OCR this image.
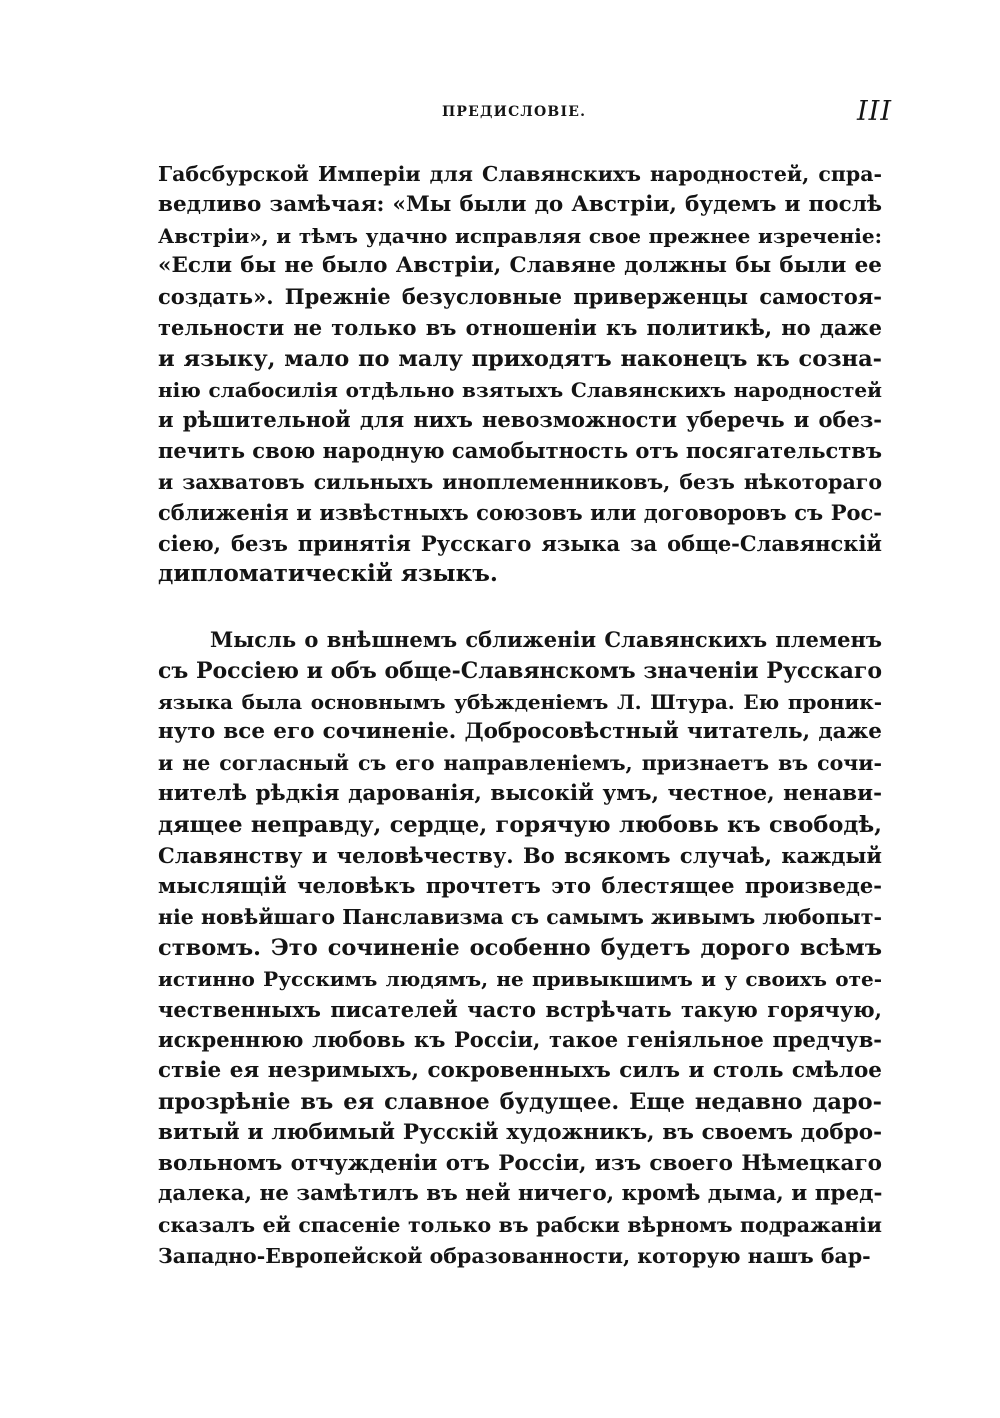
ПРЕДИСЛОВІЕ.	III
Габсбурской Имперіи для Славянскихъ народностей, спра-
ведливо замѣчая: «Мы были до Австріи, будемъ и послѣ
Австріи», и тѣмъ удачно исправляя свое прежнее изреченіе:
«Если бы не было Австріи, Славяне должны бы были ее
создать». Прежніе безусловные приверженцы самостоя-
тельности не только въ отношеніи къ политикѣ, но даже
и языку, мало по малу приходятъ наконецъ къ созна-
нію слабосилія отдѣльно взятыхъ Славянскихъ народностей
и рѣшительной для нихъ невозможности уберечь и обез-
печить свою народную самобытность отъ посягательствъ
и захватовъ сильныхъ иноплеменниковъ, безъ нѣкотораго
сближенія и извѣстныхъ союзовъ или договоровъ съ Рос-
сіею, безъ принятія Русскаго языка за обще-Славянскій
дипломатическій языкъ.
Мысль о внѣшнемъ сближеніи Славянскихъ племенъ
съ Россіею и объ обще-Славянскомъ значеніи Русскаго
языка была основнымъ убѣжденіемъ Л. Штура. Ею проник-
нуто все его сочиненіе. Добросовѣстный читатель, даже
и не согласный съ его направленіемъ, признаетъ въ сочи-
нителѣ рѣдкія дарованія, высокій умъ, честное, ненави-
дящее неправду, сердце, горячую любовь къ свободѣ,
Славянству и человѣчеству. Во всякомъ случаѣ, каждый
мыслящій человѣкъ прочтетъ это блестящее произведе-
ніе новѣйшаго Панславизма съ самымъ живымъ любопыт-
ствомъ. Это сочиненіе особенно будетъ дорого всѣмъ
истинно Русскимъ людямъ, не привыкшимъ и у своихъ оте-
чественныхъ писателей часто встрѣчать такую горячую,
искреннюю любовь къ Россіи, такое геніяльное предчув-
ствіе ея незримыхъ, сокровенныхъ силъ и столь смѣлое
прозрѣніе въ ея славное будущее. Еще недавно даро-
витый и любимый Русскій художникъ, въ своемъ добро-
вольномъ отчужденіи отъ Россіи, изъ своего Нѣмецкаго
далека, не замѣтилъ въ ней ничего, кромѣ дыма, и пред-
сказалъ ей спасеніе только въ рабски вѣрномъ подражаніи
Западно-Европейской образованности, которую нашъ бар-
